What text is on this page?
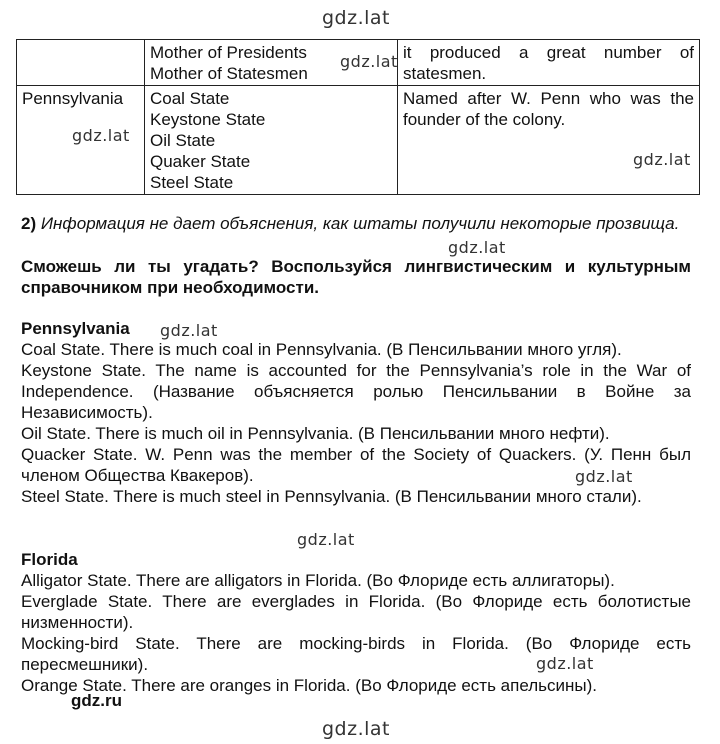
gdz.lat
gdz.lat
gdz.lat
gdz.lat
gdz.lat
gdz.lat
gdz.lat
gdz.lat
gdz.lat
gdz.lat

	Mother of Presidents
Mother of Statesmen	it produced a great number of statesmen.
Pennsylvania	Coal State
Keystone State
Oil State
Quaker State
Steel State	Named after W. Penn who was the founder of the colony.

2) Информация не дает объяснения, как штаты получили некоторые прозвища.

Сможешь ли ты угадать? Воспользуйся лингвистическим и культурным справочником при необходимости.
Pennsylvania
Coal State. There is much coal in Pennsylvania. (В Пенсильвании много угля).
Keystone State. The name is accounted for the Pennsylvania’s role in the War of Independence. (Название объясняется ролью Пенсильвании в Войне за Независимость).
Oil State. There is much oil in Pennsylvania. (В Пенсильвании много нефти).
Quacker State. W. Penn was the member of the Society of Quackers. (У. Пенн был членом Общества Квакеров).
Steel State. There is much steel in Pennsylvania. (В Пенсильвании много стали).
Florida
Alligator State. There are alligators in Florida. (Во Флориде есть аллигаторы).
Everglade State. There are everglades in Florida. (Во Флориде есть болотистые низменности).
Mocking-bird State. There are mocking-birds in Florida. (Во Флориде есть пересмешники).
Orange State. There are oranges in Florida. (Во Флориде есть апельсины).
gdz.ru
